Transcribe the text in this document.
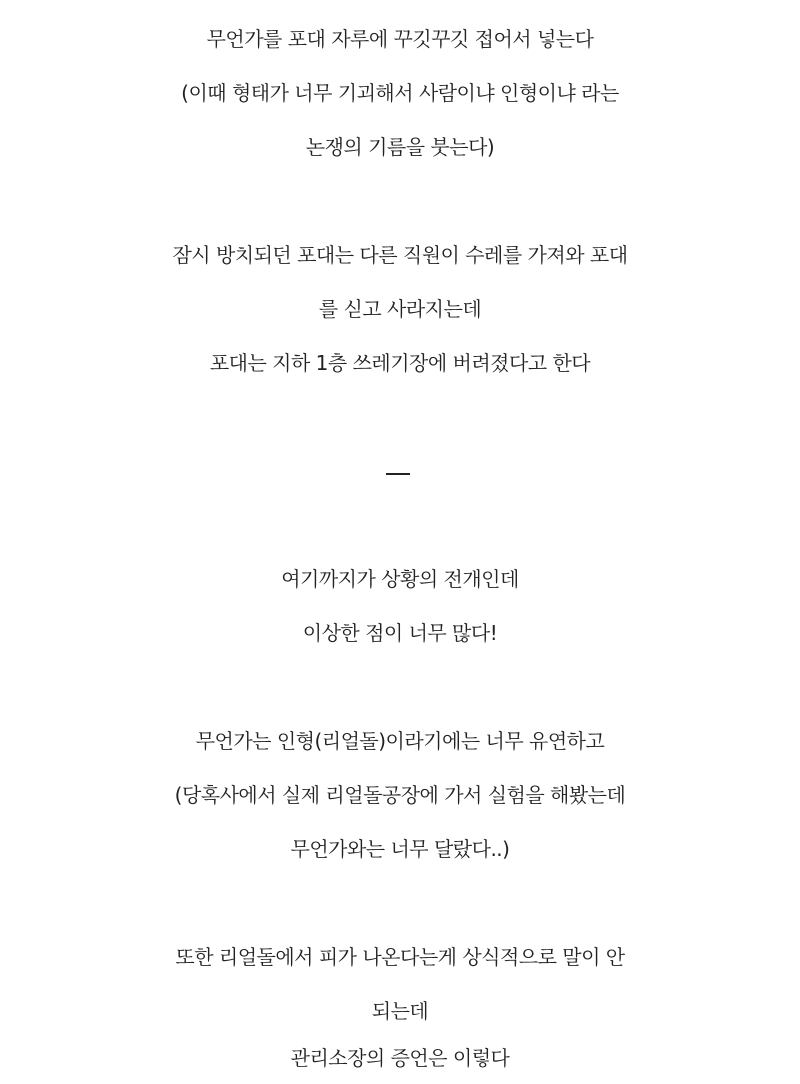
무언가를 포대 자루에 꾸깃꾸깃 접어서 넣는다
(이때 형태가 너무 기괴해서 사람이냐 인형이냐 라는
논쟁의 기름을 붓는다)
잠시 방치되던 포대는 다른 직원이 수레를 가져와 포대
를 싣고 사라지는데
포대는 지하 1층 쓰레기장에 버려졌다고 한다
여기까지가 상황의 전개인데
이상한 점이 너무 많다!
무언가는 인형(리얼돌)이라기에는 너무 유연하고
(당혹사에서 실제 리얼돌공장에 가서 실험을 해봤는데
무언가와는 너무 달랐다..)
또한 리얼돌에서 피가 나온다는게 상식적으로 말이 안
되는데
관리소장의 증언은 이렇다
